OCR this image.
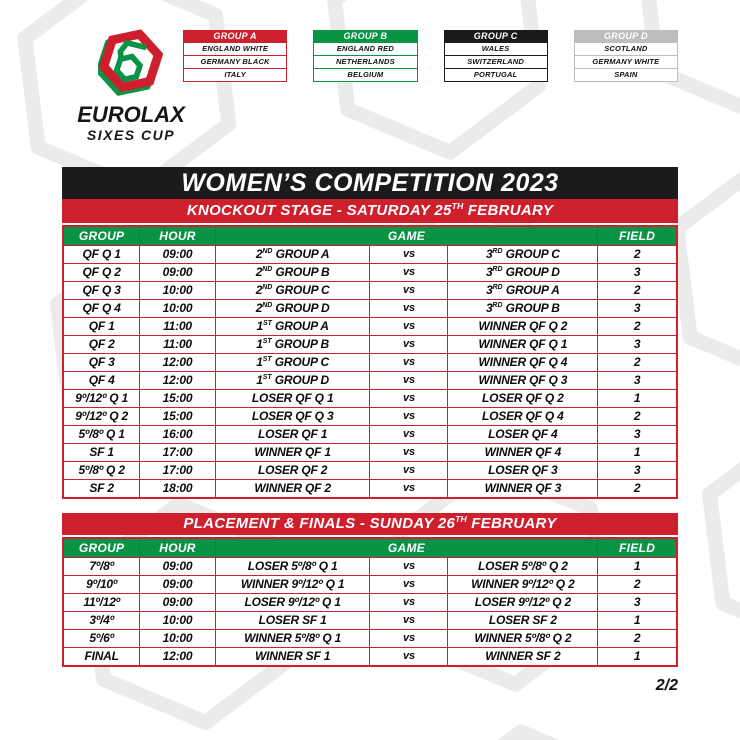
EUROLAX
SIXES CUP
GROUP A
ENGLAND WHITE
GERMANY BLACK
ITALY
GROUP B
ENGLAND RED
NETHERLANDS
BELGIUM
GROUP C
WALES
SWITZERLAND
PORTUGAL
GROUP D
SCOTLAND
GERMANY WHITE
SPAIN
WOMEN’S COMPETITION 2023
KNOCKOUT STAGE - SATURDAY 25TH FEBRUARY
GROUP	HOUR	GAME			FIELD
QF Q 1	09:00	2ND GROUP A	vs	3RD GROUP C	2
QF Q 2	09:00	2ND GROUP B	vs	3RD GROUP D	3
QF Q 3	10:00	2ND GROUP C	vs	3RD GROUP A	2
QF Q 4	10:00	2ND GROUP D	vs	3RD GROUP B	3
QF 1	11:00	1ST GROUP A	vs	WINNER QF Q 2	2
QF 2	11:00	1ST GROUP B	vs	WINNER QF Q 1	3
QF 3	12:00	1ST GROUP C	vs	WINNER QF Q 4	2
QF 4	12:00	1ST GROUP D	vs	WINNER QF Q 3	3
9º/12º Q 1	15:00	LOSER QF Q 1	vs	LOSER QF Q 2	1
9º/12º Q 2	15:00	LOSER QF Q 3	vs	LOSER QF Q 4	2
5º/8º Q 1	16:00	LOSER QF 1	vs	LOSER QF 4	3
SF 1	17:00	WINNER QF 1	vs	WINNER QF 4	1
5º/8º Q 2	17:00	LOSER QF 2	vs	LOSER QF 3	3
SF 2	18:00	WINNER QF 2	vs	WINNER QF 3	2
PLACEMENT & FINALS - SUNDAY 26TH FEBRUARY
GROUP	HOUR	GAME			FIELD
7º/8º	09:00	LOSER 5º/8º Q 1	vs	LOSER 5º/8º Q 2	1
9º/10º	09:00	WINNER 9º/12º Q 1	vs	WINNER 9º/12º Q 2	2
11º/12º	09:00	LOSER 9º/12º Q 1	vs	LOSER 9º/12º Q 2	3
3º/4º	10:00	LOSER SF 1	vs	LOSER SF 2	1
5º/6º	10:00	WINNER 5º/8º Q 1	vs	WINNER 5º/8º Q 2	2
FINAL	12:00	WINNER SF 1	vs	WINNER SF 2	1
2/2
